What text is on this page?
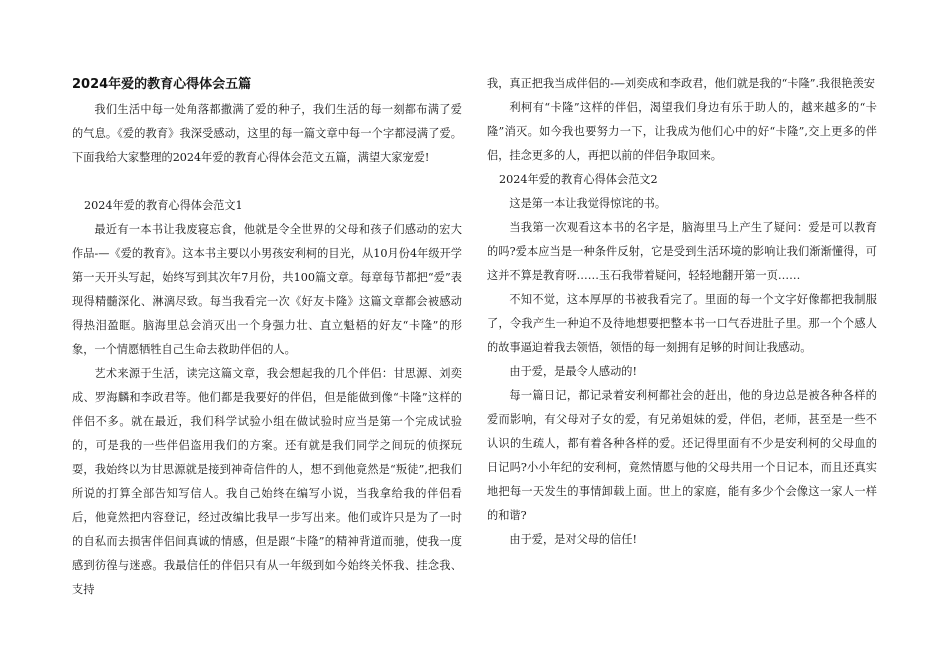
2024年爱的教育心得体会五篇

我们生活中每一处角落都撒满了爱的种子，我们生活的每一刻都布满了爱的气息。《爱的教育》我深受感动，这里的每一篇文章中每一个字都浸满了爱。下面我给大家整理的2024年爱的教育心得体会范文五篇，满望大家宠爱!

2024年爱的教育心得体会范文1

最近有一本书让我废寝忘食，他就是令全世界的父母和孩子们感动的宏大作品-—《爱的教育》。这本书主要以小男孩安利柯的目光，从10月份4年级开学第一天开头写起，始终写到其次年7月份，共100篇文章。每章每节都把“爱”表现得精髓深化、淋漓尽致。每当我看完一次《好友卡隆》这篇文章都会被感动得热泪盈眶。脑海里总会消灭出一个身强力壮、直立魁梧的好友“卡隆”的形象，一个情愿牺牲自己生命去救助伴侣的人。

艺术来源于生活，读完这篇文章，我会想起我的几个伴侣：甘思源、刘奕成、罗海麟和李政君等。他们都是我要好的伴侣，但是能做到像“卡隆”这样的伴侣不多。就在最近，我们科学试验小组在做试验时应当是第一个完成试验的，可是我的一些伴侣盗用我们的方案。还有就是我们同学之间玩的侦探玩耍，我始终以为甘思源就是接到神奇信件的人，想不到他竟然是“叛徒”,把我们所说的打算全部告知写信人。我自己始终在编写小说，当我拿给我的伴侣看后，他竟然把内容登记，经过改编比我早一步写出来。他们或许只是为了一时的自私而去损害伴侣间真诚的情感，但是跟“卡隆”的精神背道而驰，使我一度感到彷徨与迷惑。我最信任的伴侣只有从一年级到如今始终关怀我、挂念我、支持

我，真正把我当成伴侣的-—刘奕成和李政君，他们就是我的“卡隆”.我很艳羡安

利柯有“卡隆”这样的伴侣，渴望我们身边有乐于助人的，越来越多的“卡隆”消灭。如今我也要努力一下，让我成为他们心中的好“卡隆”,交上更多的伴侣，挂念更多的人，再把以前的伴侣争取回来。

2024年爱的教育心得体会范文2

这是第一本让我觉得惊诧的书。

当我第一次观看这本书的名字是，脑海里马上产生了疑问：爱是可以教育的吗?爱本应当是一种条件反射，它是受到生活环境的影响让我们渐渐懂得，可这并不算是教育呀……玉石我带着疑问，轻轻地翻开第一页……

不知不觉，这本厚厚的书被我看完了。里面的每一个文字好像都把我制服了，令我产生一种迫不及待地想要把整本书一口气吞进肚子里。那一个个感人的故事逼迫着我去领悟，领悟的每一刻拥有足够的时间让我感动。

由于爱，是最令人感动的!

每一篇日记，都记录着安利柯都社会的赶出，他的身边总是被各种各样的爱而影响，有父母对子女的爱，有兄弟姐妹的爱，伴侣，老师，甚至是一些不认识的生疏人，都有着各种各样的爱。还记得里面有不少是安利柯的父母血的日记吗?小小年纪的安利柯，竟然情愿与他的父母共用一个日记本，而且还真实地把每一天发生的事情卸载上面。世上的家庭，能有多少个会像这一家人一样的和谐?

由于爱，是对父母的信任!
